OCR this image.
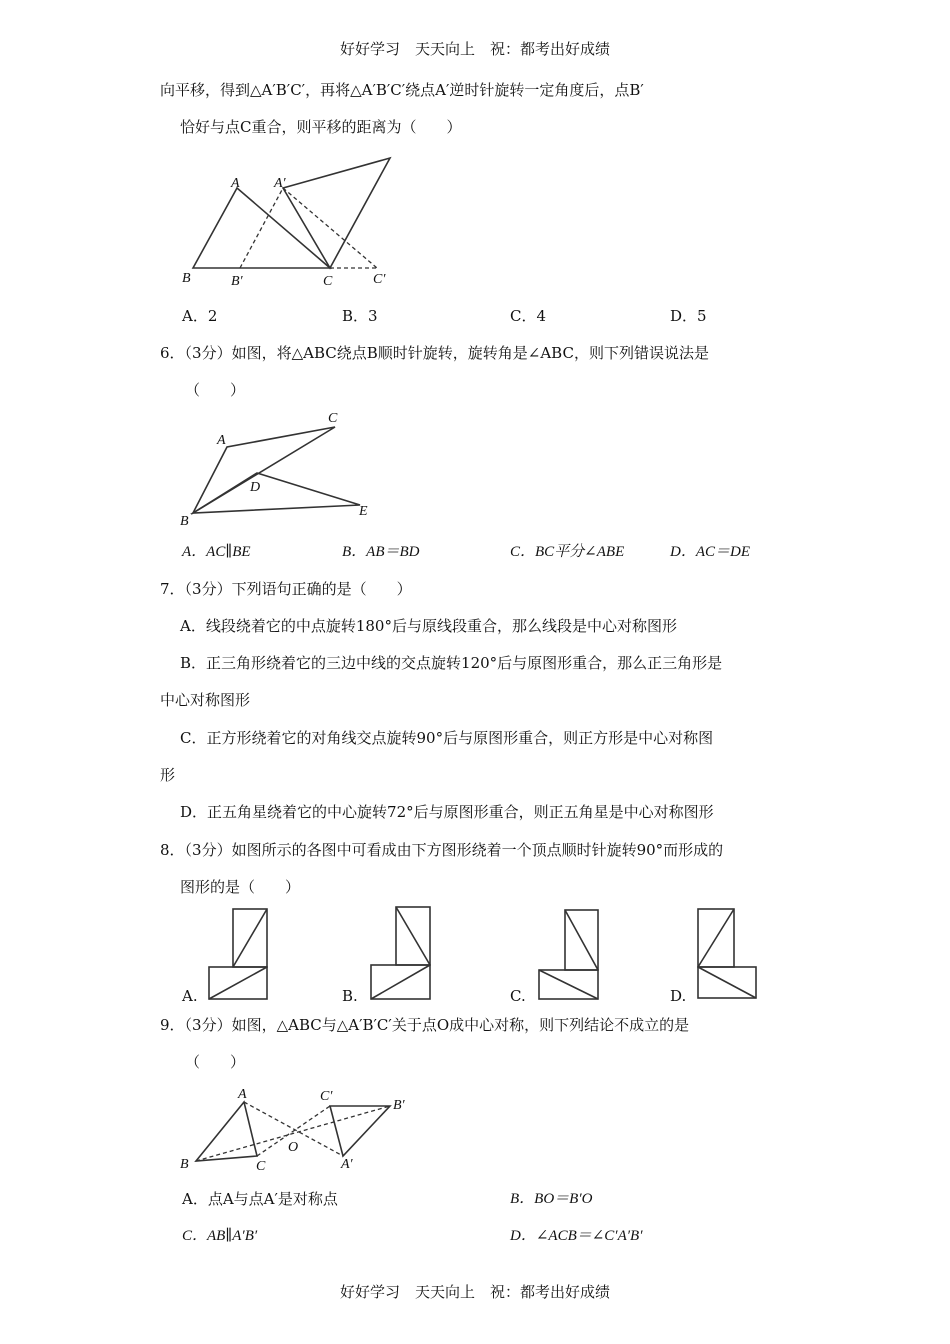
好好学习　天天向上　祝：都考出好成绩
向平移，得到△A′B′C′，再将△A′B′C′绕点A′逆时针旋转一定角度后，点B′
恰好与点C重合，则平移的距离为（　　）
B
A A′
B′	C	C′
A．2	B．3	C．4	D．5
6．（3分）如图，将△ABC绕点B顺时针旋转，旋转角是∠ABC，则下列错误说法是
（　　）
A
B
C
D
E
A．AC∥BE	B．AB＝BD	C．BC平分∠ABE	D．AC＝DE
7．（3分）下列语句正确的是（　　）
A．线段绕着它的中点旋转180°后与原线段重合，那么线段是中心对称图形
B．正三角形绕着它的三边中线的交点旋转120°后与原图形重合，那么正三角形是
中心对称图形
C．正方形绕着它的对角线交点旋转90°后与原图形重合，则正方形是中心对称图
形
D．正五角星绕着它的中心旋转72°后与原图形重合，则正五角星是中心对称图形
8．（3分）如图所示的各图中可看成由下方图形绕着一个顶点顺时针旋转90°而形成的
图形的是（　　）
A.	B.	C.	D.
9．（3分）如图，△ABC与△A′B′C′关于点O成中心对称，则下列结论不成立的是
（　　）
A
B	C
C′
B′
A′
O
A．点A与点A′是对称点	B．BO＝B′O
C．AB∥A′B′	D．∠ACB＝∠C′A′B′
好好学习　天天向上　祝：都考出好成绩
